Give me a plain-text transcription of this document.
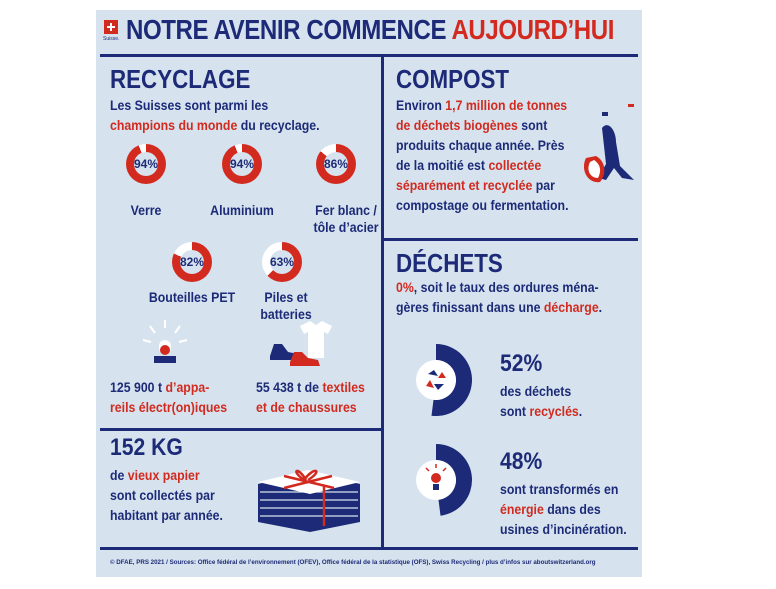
Suisse. NOTRE AVENIR COMMENCE AUJOURD’HUI
RECYCLAGE
Les Suisses sont parmi les
champions du monde du recyclage.
94%
Verre
94%
Aluminium
86%
Fer blanc /
tôle d’acier
82%
Bouteilles PET
63%
Piles et
batteries
125 900 t d’appa-
reils électr(on)iques
55 438 t de textiles
et de chaussures
152 KG
de vieux papier
sont collectés par
habitant par année.
COMPOST
Environ 1,7 million de tonnes
de déchets biogènes sont
produits chaque année. Près
de la moitié est collectée
séparément et recyclée par
compostage ou fermentation.
DÉCHETS
0%, soit le taux des ordures ména-
gères finissant dans une décharge.
52%
des déchets
sont recyclés.
48%
sont transformés en
énergie dans des
usines d’incinération.
© DFAE, PRS 2021 / Sources: Office fédéral de l’environnement (OFEV), Office fédéral de la statistique (OFS), Swiss Recycling / plus d’infos sur aboutswitzerland.org
